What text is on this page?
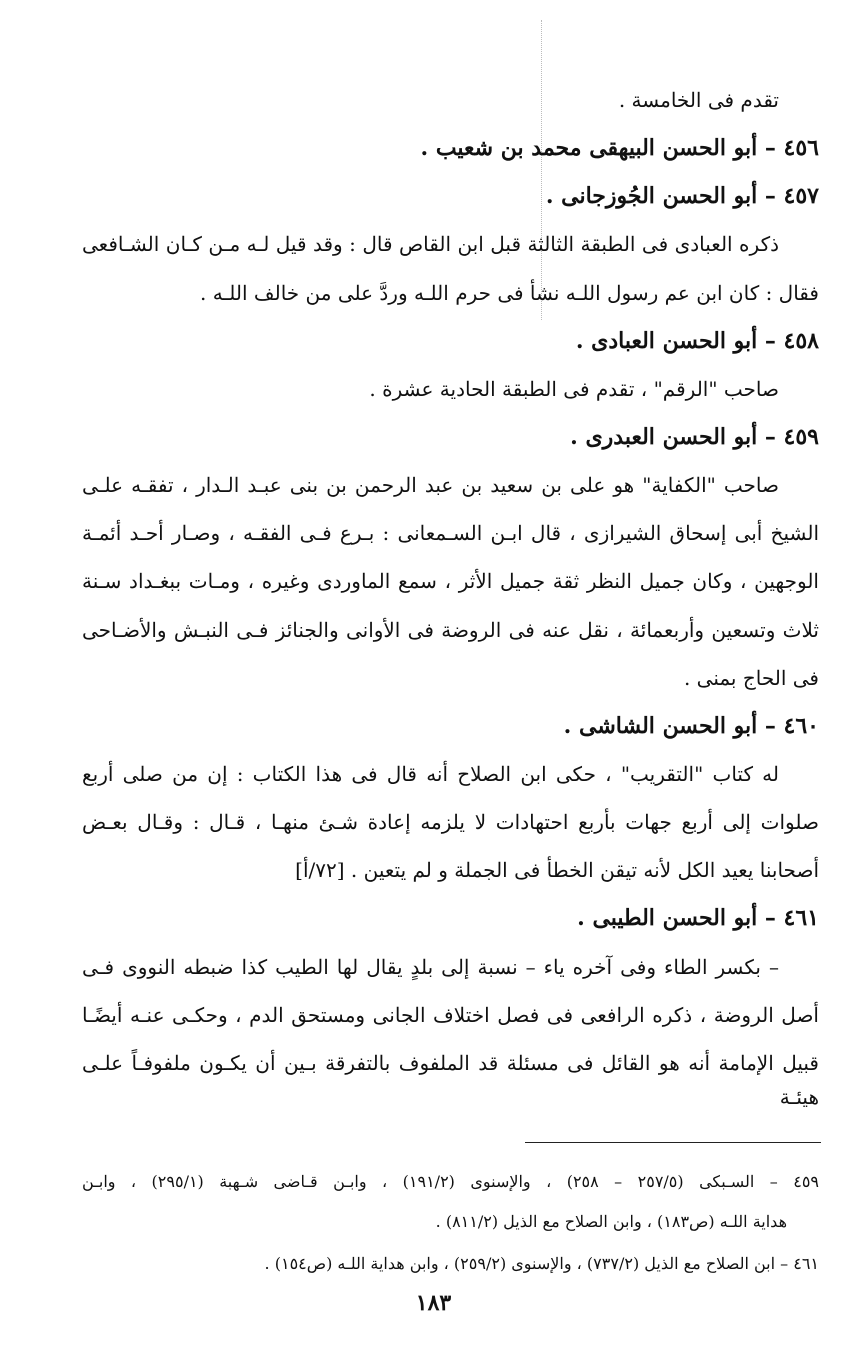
تقدم فى الخامسة .
٤٥٦ – أبو الحسن البيهقى محمد بن شعيب .
٤٥٧ – أبو الحسن الجُوزجانى .
ذكره العبادى فى الطبقة الثالثة قبل ابن القاص قال : وقد قيل لـه مـن كـان الشـافعى
فقال : كان ابن عم رسول اللـه نشأ فى حرم اللـه وردَّ على من خالف اللـه .
٤٥٨ – أبو الحسن العبادى .
صاحب "الرقم" ، تقدم فى الطبقة الحادية عشرة .
٤٥٩ – أبو الحسن العبدرى .
صاحب "الكفاية" هو على بن سعيد بن عبد الرحمن بن بنى عبـد الـدار ، تفقـه علـى
الشيخ أبى إسحاق الشيرازى ، قال ابـن السـمعانى : بـرع فـى الفقـه ، وصـار أحـد أئمـة
الوجهين ، وكان جميل النظر ثقة جميل الأثر ، سمع الماوردى وغيره ، ومـات ببغـداد سـنة
ثلاث وتسعين وأربعمائة ، نقل عنه فى الروضة فى الأوانى والجنائز فـى النبـش والأضـاحى
فى الحاج بمنى .
٤٦٠ – أبو الحسن الشاشى .
له كتاب "التقريب" ، حكى ابن الصلاح أنه قال فى هذا الكتاب : إن من صلى أربع
صلوات إلى أربع جهات بأربع احتهادات لا يلزمه إعادة شـئ منهـا ، قـال : وقـال بعـض
أصحابنا يعيد الكل لأنه تيقن الخطأ فى الجملة و لم يتعين . [٧٢/أ]
٤٦١ – أبو الحسن الطيبى .
– بكسر الطاء وفى آخره ياء – نسبة إلى بلدٍ يقال لها الطيب كذا ضبطه النووى فـى
أصل الروضة ، ذكره الرافعى فى فصل اختلاف الجانى ومستحق الدم ، وحكـى عنـه أيضًـا
قبيل الإمامة أنه هو القائل فى مسئلة قد الملفوف بالتفرقة بـين أن يكـون ملفوفـاً علـى هيئـة
٤٥٩ – السـبكى (٢٥٧/٥ – ٢٥٨) ، والإسنوى (١٩١/٢) ، وابـن قـاضى شـهبة (٢٩٥/١) ، وابـن
هداية اللـه (ص١٨٣) ، وابن الصلاح مع الذيل (٨١١/٢) .
٤٦١ – ابن الصلاح مع الذيل (٧٣٧/٢) ، والإسنوى (٢٥٩/٢) ، وابن هداية اللـه (ص١٥٤) .
١٨٣
